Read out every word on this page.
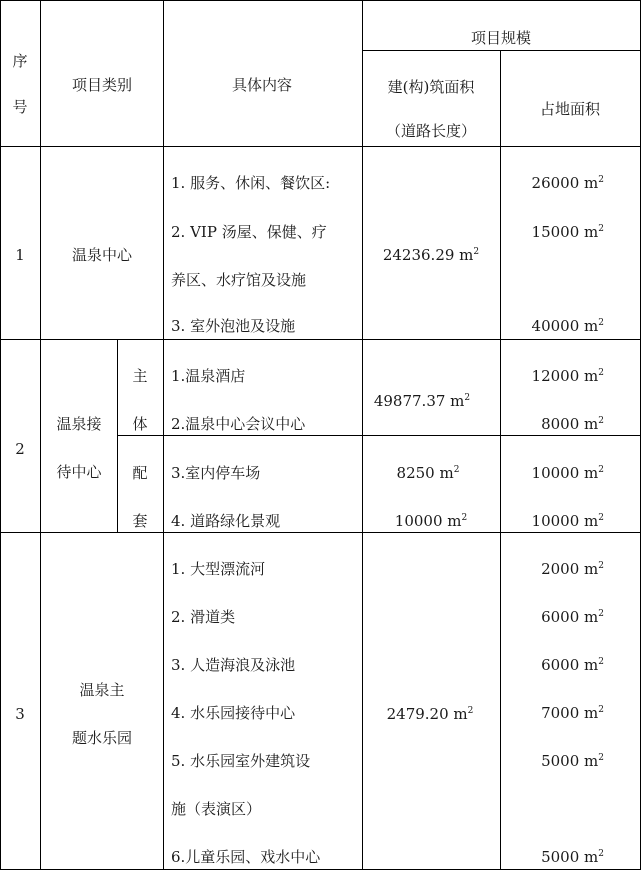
序
号
项目类别	具体内容
项目规模
建(构)筑面积
（道路长度）
占地面积
1	温泉中心
1. 服务、休闲、餐饮区:
2. VIP 汤屋、保健、疗
养区、水疗馆及设施
3. 室外泡池及设施
24236.29 $m^2$
26000 $m^2$
15000 $m^2$
40000 $m^2$
2
温泉接
待中心
主
体
配
套
1.温泉酒店
2.温泉中心会议中心
3.室内停车场
4. 道路绿化景观
49877.37 $m^2$
8250 $m^2$
10000 $m^2$
12000 $m^2$
8000 $m^2$
10000 $m^2$
10000 $m^2$
3
温泉主
题水乐园
1. 大型漂流河
2. 滑道类
3. 人造海浪及泳池
4. 水乐园接待中心
5. 水乐园室外建筑设
施（表演区）
6.儿童乐园、戏水中心
2479.20 $m^2$
2000 $m^2$
6000 $m^2$
6000 $m^2$
7000 $m^2$
5000 $m^2$
5000 $m^2$
